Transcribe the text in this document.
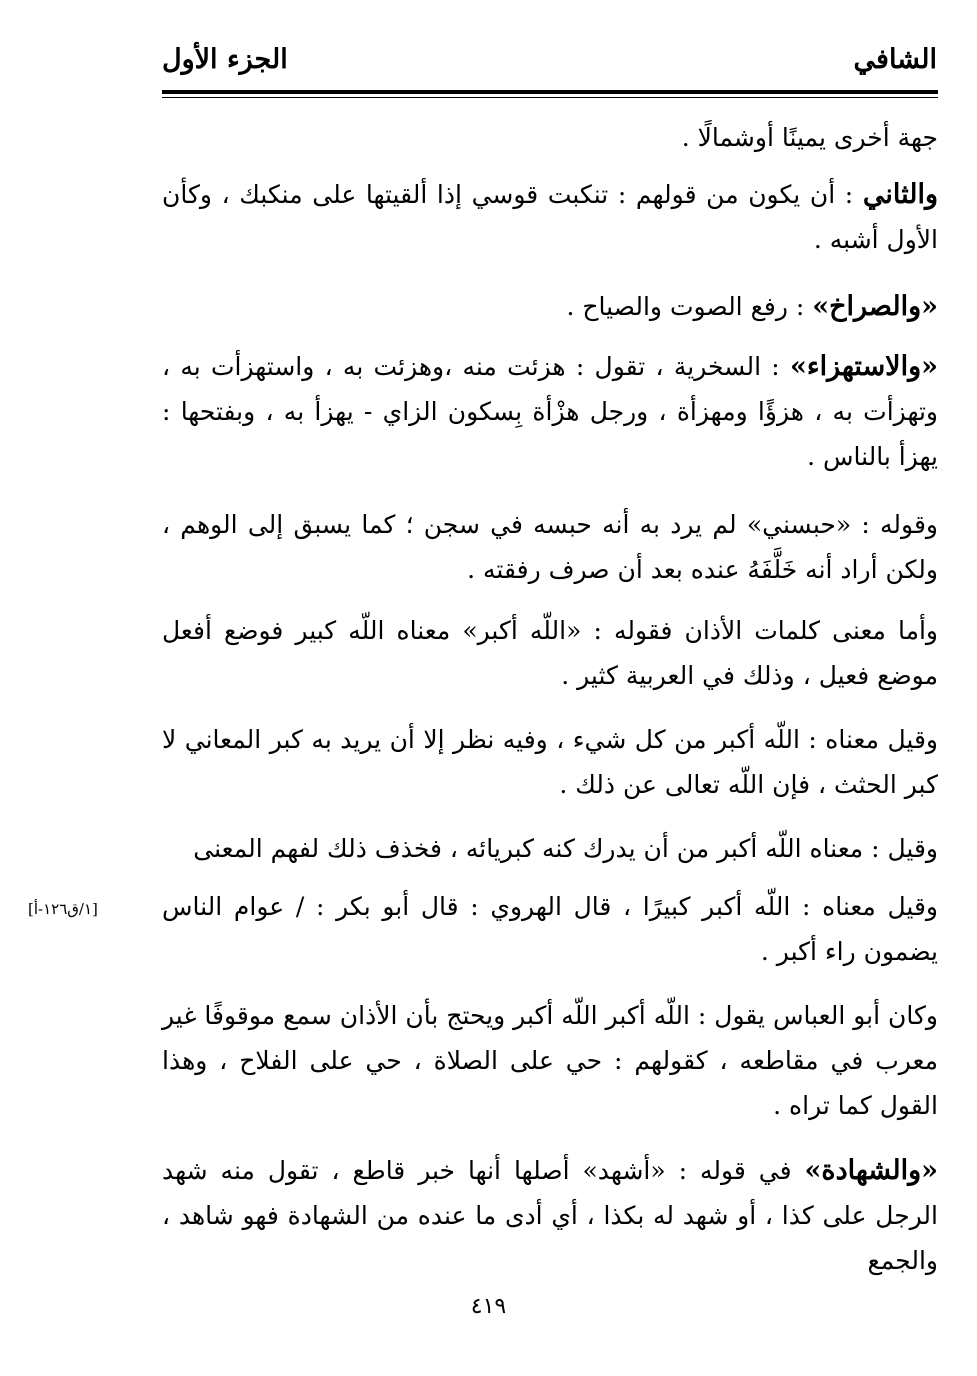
الشافي
الجزء الأول
جهة أخرى يمينًا أوشمالًا .
والثاني : أن يكون من قولهم : تنكبت قوسي إذا ألقيتها على منكبك ، وكأن الأول أشبه .
«والصراخ» : رفع الصوت والصياح .
«والاستهزاء» : السخرية ، تقول : هزئت منه ،وهزئت به ، واستهزأت به ، وتهزأت به ، هزؤًا ومهزأة ، ورجل هزْأة بِسكون الزاي - يهزأ به ، وبفتحها : يهزأ بالناس .
وقوله : «حبسني» لم يرد به أنه حبسه في سجن ؛ كما يسبق إلى الوهم ، ولكن أراد أنه خَلَّفَهُ عنده بعد أن صرف رفقته .
وأما معنى كلمات الأذان فقوله : «اللّه أكبر» معناه اللّه كبير فوضع أفعل موضع فعيل ، وذلك في العربية كثير .
وقيل معناه : اللّه أكبر من كل شيء ، وفيه نظر إلا أن يريد به كبر المعاني لا كبر الحثث ، فإن اللّه تعالى عن ذلك .
وقيل : معناه اللّه أكبر من أن يدرك كنه كبريائه ، فخذف ذلك لفهم المعنى
وقيل معناه : اللّه أكبر كبيرًا ، قال الهروي : قال أبو بكر : / عوام الناس يضمون راء أكبر .
[١/ق١٢٦-أ]
وكان أبو العباس يقول : اللّه أكبر اللّه أكبر ويحتج بأن الأذان سمع موقوفًا غير معرب في مقاطعه ، كقولهم : حي على الصلاة ، حي على الفلاح ، وهذا القول كما تراه .
«والشهادة» في قوله : «أشهد» أصلها أنها خبر قاطع ، تقول منه شهد الرجل على كذا ، أو شهد له بكذا ، أي أدى ما عنده من الشهادة فهو شاهد ، والجمع
٤١٩
